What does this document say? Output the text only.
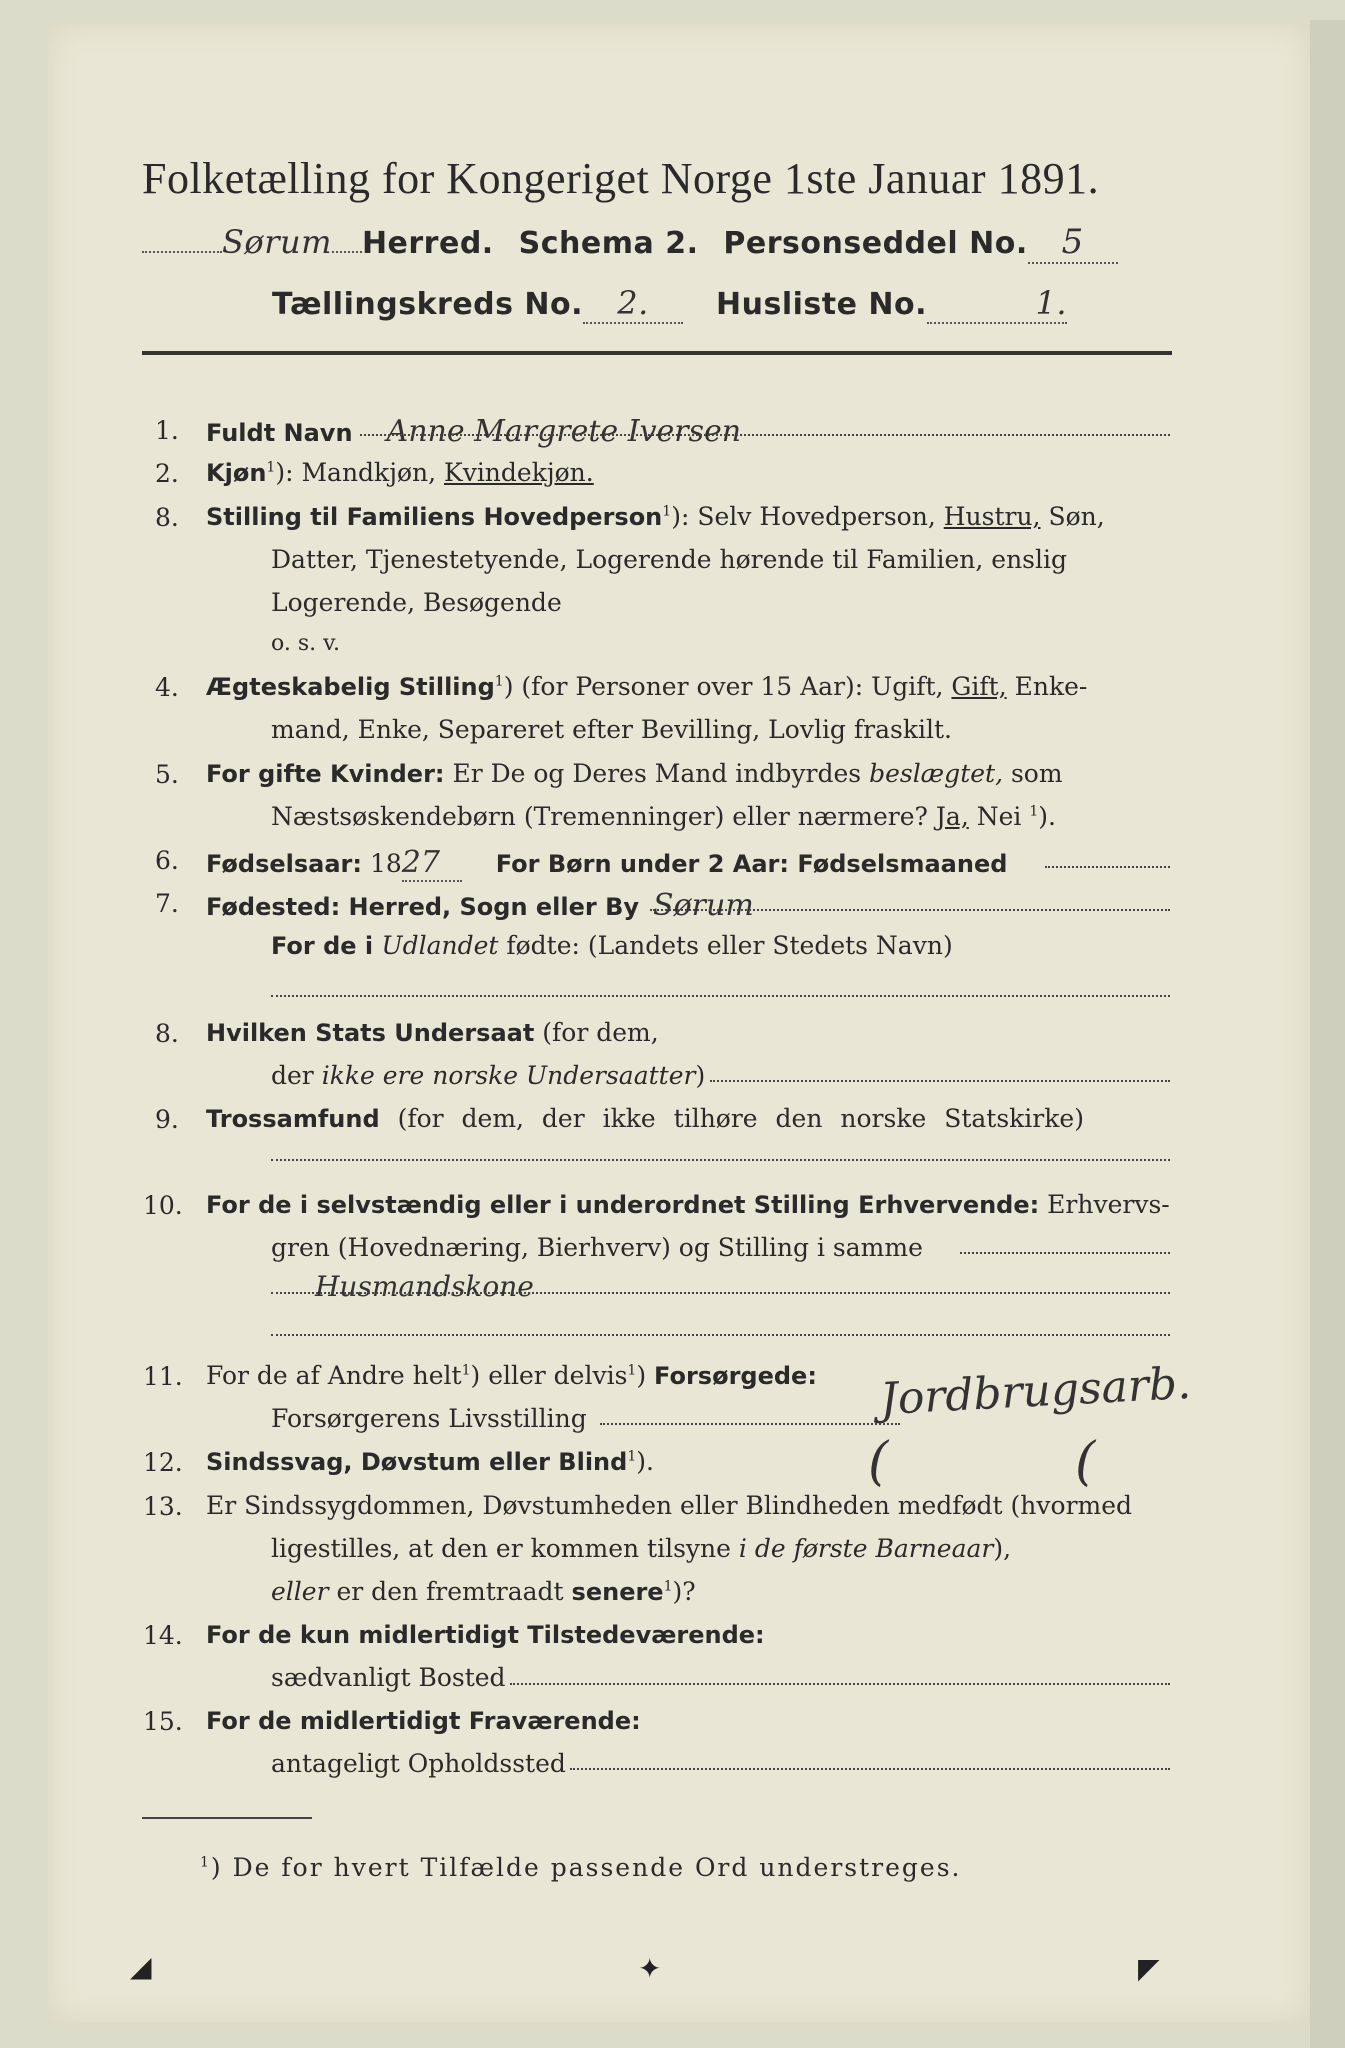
Folketælling for Kongeriget Norge 1ste Januar 1891.
Sørum Herred. Schema 2. Personseddel No. 5
Tællingskreds No. 2. Husliste No.	1.
1. Fuldt Navn Anne Margrete Iversen
2. Kjøn$^1$): Mandkjøn, Kvindekjøn.
8. Stilling til Familiens Hovedperson$^1$): Selv Hovedperson, Hustru, Søn,
Datter, Tjenestetyende, Logerende hørende til Familien, enslig
Logerende, Besøgende
o. s. v.
4. Ægteskabelig Stilling$^1$) (for Personer over 15 Aar): Ugift, Gift, Enke-
mand, Enke, Separeret efter Bevilling, Lovlig fraskilt.
5. For gifte Kvinder: Er De og Deres Mand indbyrdes beslægtet, som
Næstsøskendebørn (Tremenninger) eller nærmere? Ja, Nei $^1$).
6. Fødselsaar: 1827 For Børn under 2 Aar: Fødselsmaaned
7. Fødested: Herred, Sogn eller By Sørum
For de i Udlandet fødte: (Landets eller Stedets Navn)
8. Hvilken Stats Undersaat (for dem,
der ikke ere norske Undersaatter)
9. Trossamfund (for dem, der ikke tilhøre den norske Statskirke)
10. For de i selvstændig eller i underordnet Stilling Erhvervende: Erhvervs-
gren (Hovednæring, Bierhverv) og Stilling i samme
Husmandskone
11. For de af Andre helt$^1$) eller delvis$^1$) Forsørgede:
Forsørgerens Livsstilling	Jordbrugsarb.
(	(
12. Sindssvag, Døvstum eller Blind$^1$).
13. Er Sindssygdommen, Døvstumheden eller Blindheden medfødt (hvormed
ligestilles, at den er kommen tilsyne i de første Barneaar),
eller er den fremtraadt senere$^1$)?
14. For de kun midlertidigt Tilstedeværende:
sædvanligt Bosted
15. For de midlertidigt Fraværende:
antageligt Opholdssted
$^1$) De for hvert Tilfælde passende Ord understreges.
◢	✦	◤
